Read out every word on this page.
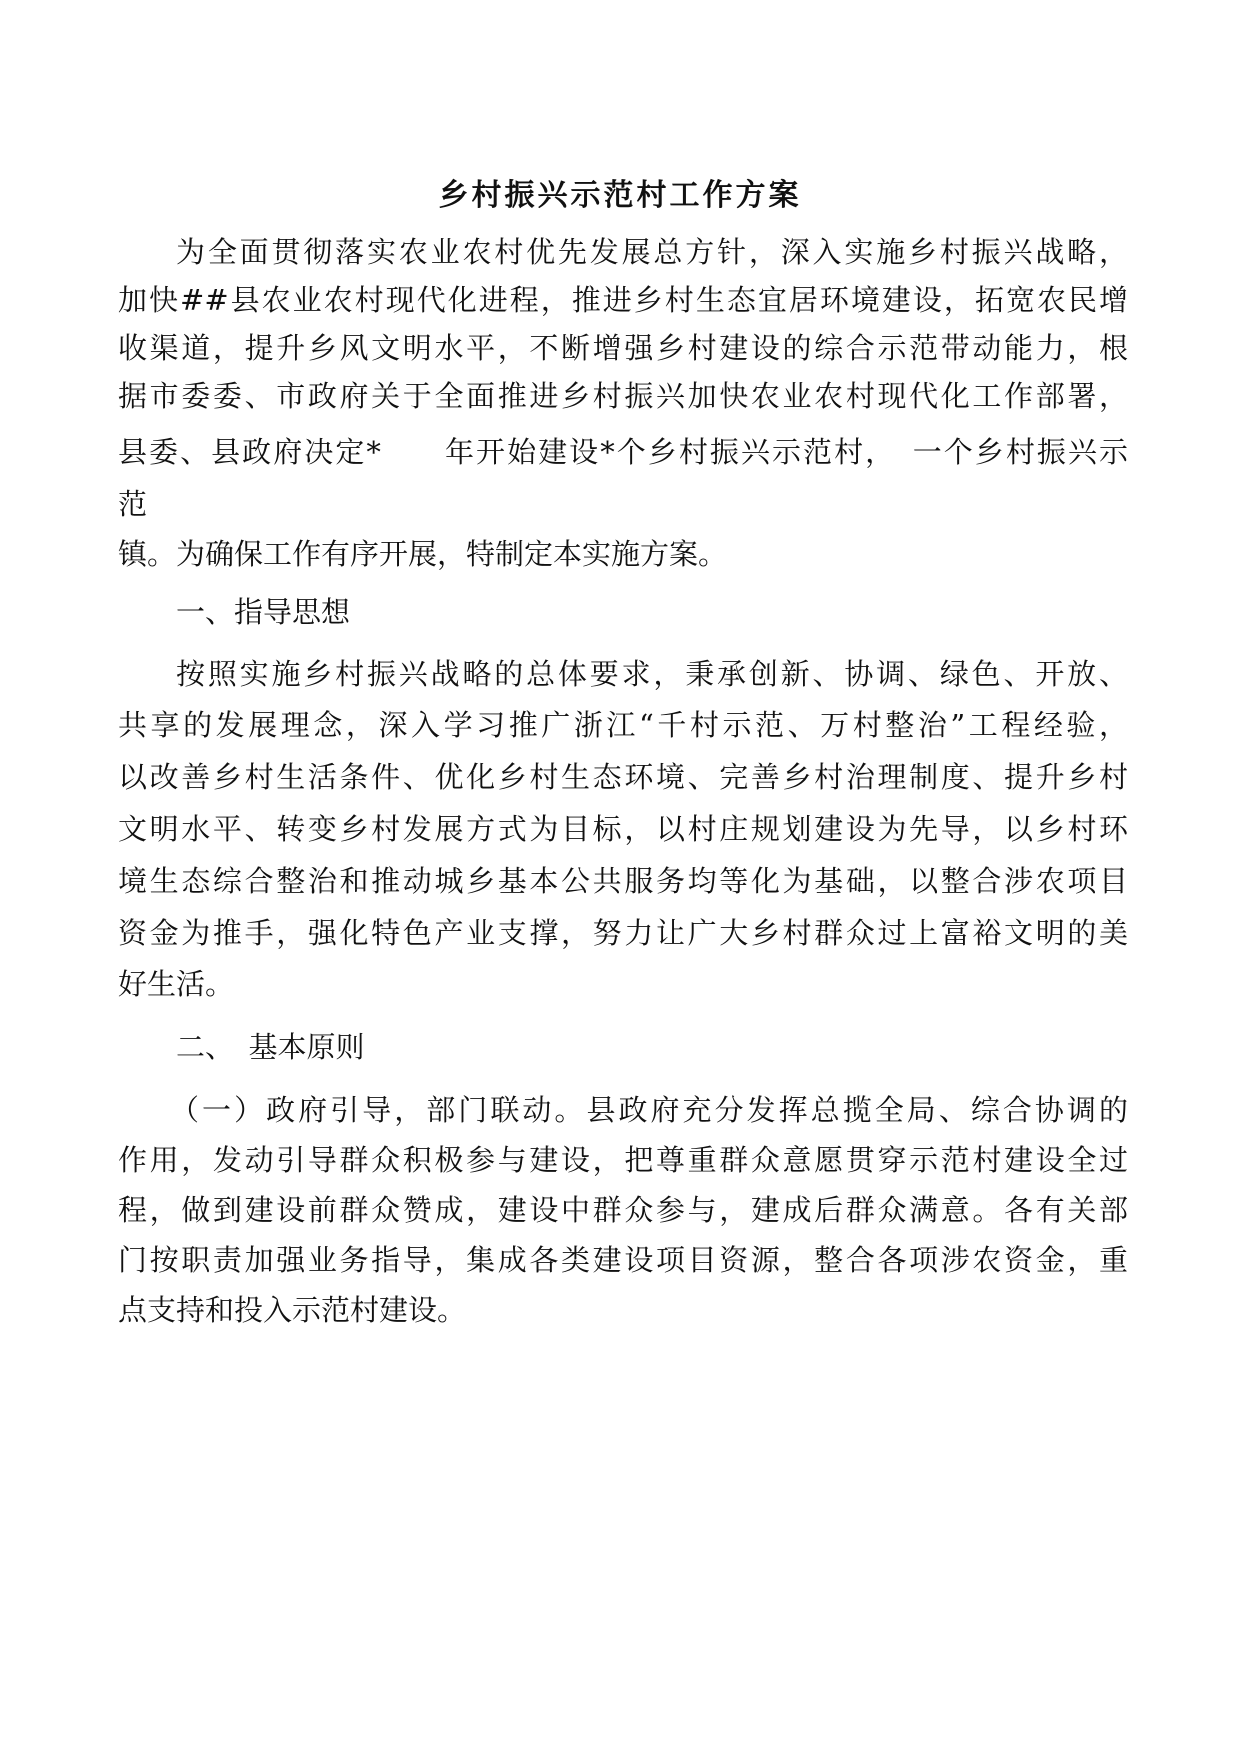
乡村振兴示范村工作方案

为全面贯彻落实农业农村优先发展总方针，深入实施乡村振兴战略，

加快##县农业农村现代化进程，推进乡村生态宜居环境建设，拓宽农民增

收渠道，提升乡风文明水平，不断增强乡村建设的综合示范带动能力，根

据市委委、市政府关于全面推进乡村振兴加快农业农村现代化工作部署，

县委、县政府决定*　　年开始建设*个乡村振兴示范村，　一个乡村振兴示

范

镇。为确保工作有序开展，特制定本实施方案。

一、指导思想

按照实施乡村振兴战略的总体要求，秉承创新、协调、绿色、开放、

共享的发展理念，深入学习推广浙江“千村示范、万村整治”工程经验，

以改善乡村生活条件、优化乡村生态环境、完善乡村治理制度、提升乡村

文明水平、转变乡村发展方式为目标，以村庄规划建设为先导，以乡村环

境生态综合整治和推动城乡基本公共服务均等化为基础，以整合涉农项目

资金为推手，强化特色产业支撑，努力让广大乡村群众过上富裕文明的美

好生活。

二、　基本原则

（一）政府引导，部门联动。县政府充分发挥总揽全局、综合协调的

作用，发动引导群众积极参与建设，把尊重群众意愿贯穿示范村建设全过

程，做到建设前群众赞成，建设中群众参与，建成后群众满意。各有关部

门按职责加强业务指导，集成各类建设项目资源，整合各项涉农资金，重

点支持和投入示范村建设。
